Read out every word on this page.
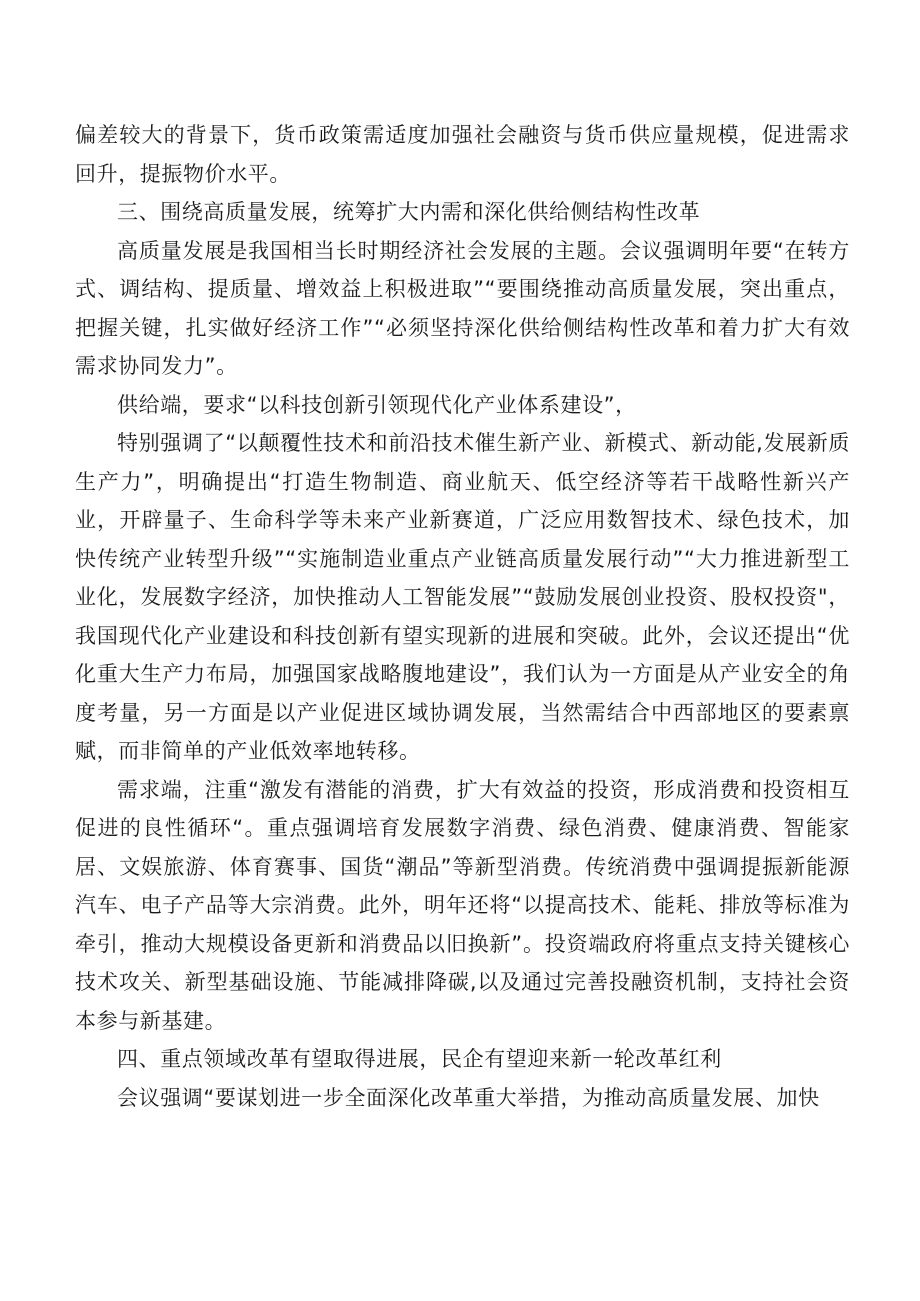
偏差较大的背景下，货币政策需适度加强社会融资与货币供应量规模，促进需求回升，提振物价水平。

三、围绕高质量发展，统筹扩大内需和深化供给侧结构性改革

高质量发展是我国相当长时期经济社会发展的主题。会议强调明年要“在转方式、调结构、提质量、增效益上积极进取”“要围绕推动高质量发展，突出重点，把握关键，扎实做好经济工作”“必须坚持深化供给侧结构性改革和着力扩大有效需求协同发力”。

供给端，要求“以科技创新引领现代化产业体系建设”，

特别强调了“以颠覆性技术和前沿技术催生新产业、新模式、新动能,发展新质生产力”，明确提出“打造生物制造、商业航天、低空经济等若干战略性新兴产业，开辟量子、生命科学等未来产业新赛道，广泛应用数智技术、绿色技术，加快传统产业转型升级”“实施制造业重点产业链高质量发展行动”“大力推进新型工业化，发展数字经济，加快推动人工智能发展”“鼓励发展创业投资、股权投资"，我国现代化产业建设和科技创新有望实现新的进展和突破。此外，会议还提出“优化重大生产力布局，加强国家战略腹地建设”，我们认为一方面是从产业安全的角度考量，另一方面是以产业促进区域协调发展，当然需结合中西部地区的要素禀赋，而非简单的产业低效率地转移。

需求端，注重“激发有潜能的消费，扩大有效益的投资，形成消费和投资相互促进的良性循环“。重点强调培育发展数字消费、绿色消费、健康消费、智能家居、文娱旅游、体育赛事、国货“潮品”等新型消费。传统消费中强调提振新能源汽车、电子产品等大宗消费。此外，明年还将“以提高技术、能耗、排放等标准为牵引，推动大规模设备更新和消费品以旧换新”。投资端政府将重点支持关键核心技术攻关、新型基础设施、节能减排降碳,以及通过完善投融资机制，支持社会资本参与新基建。

四、重点领域改革有望取得进展，民企有望迎来新一轮改革红利

会议强调“要谋划进一步全面深化改革重大举措，为推动高质量发展、加快
